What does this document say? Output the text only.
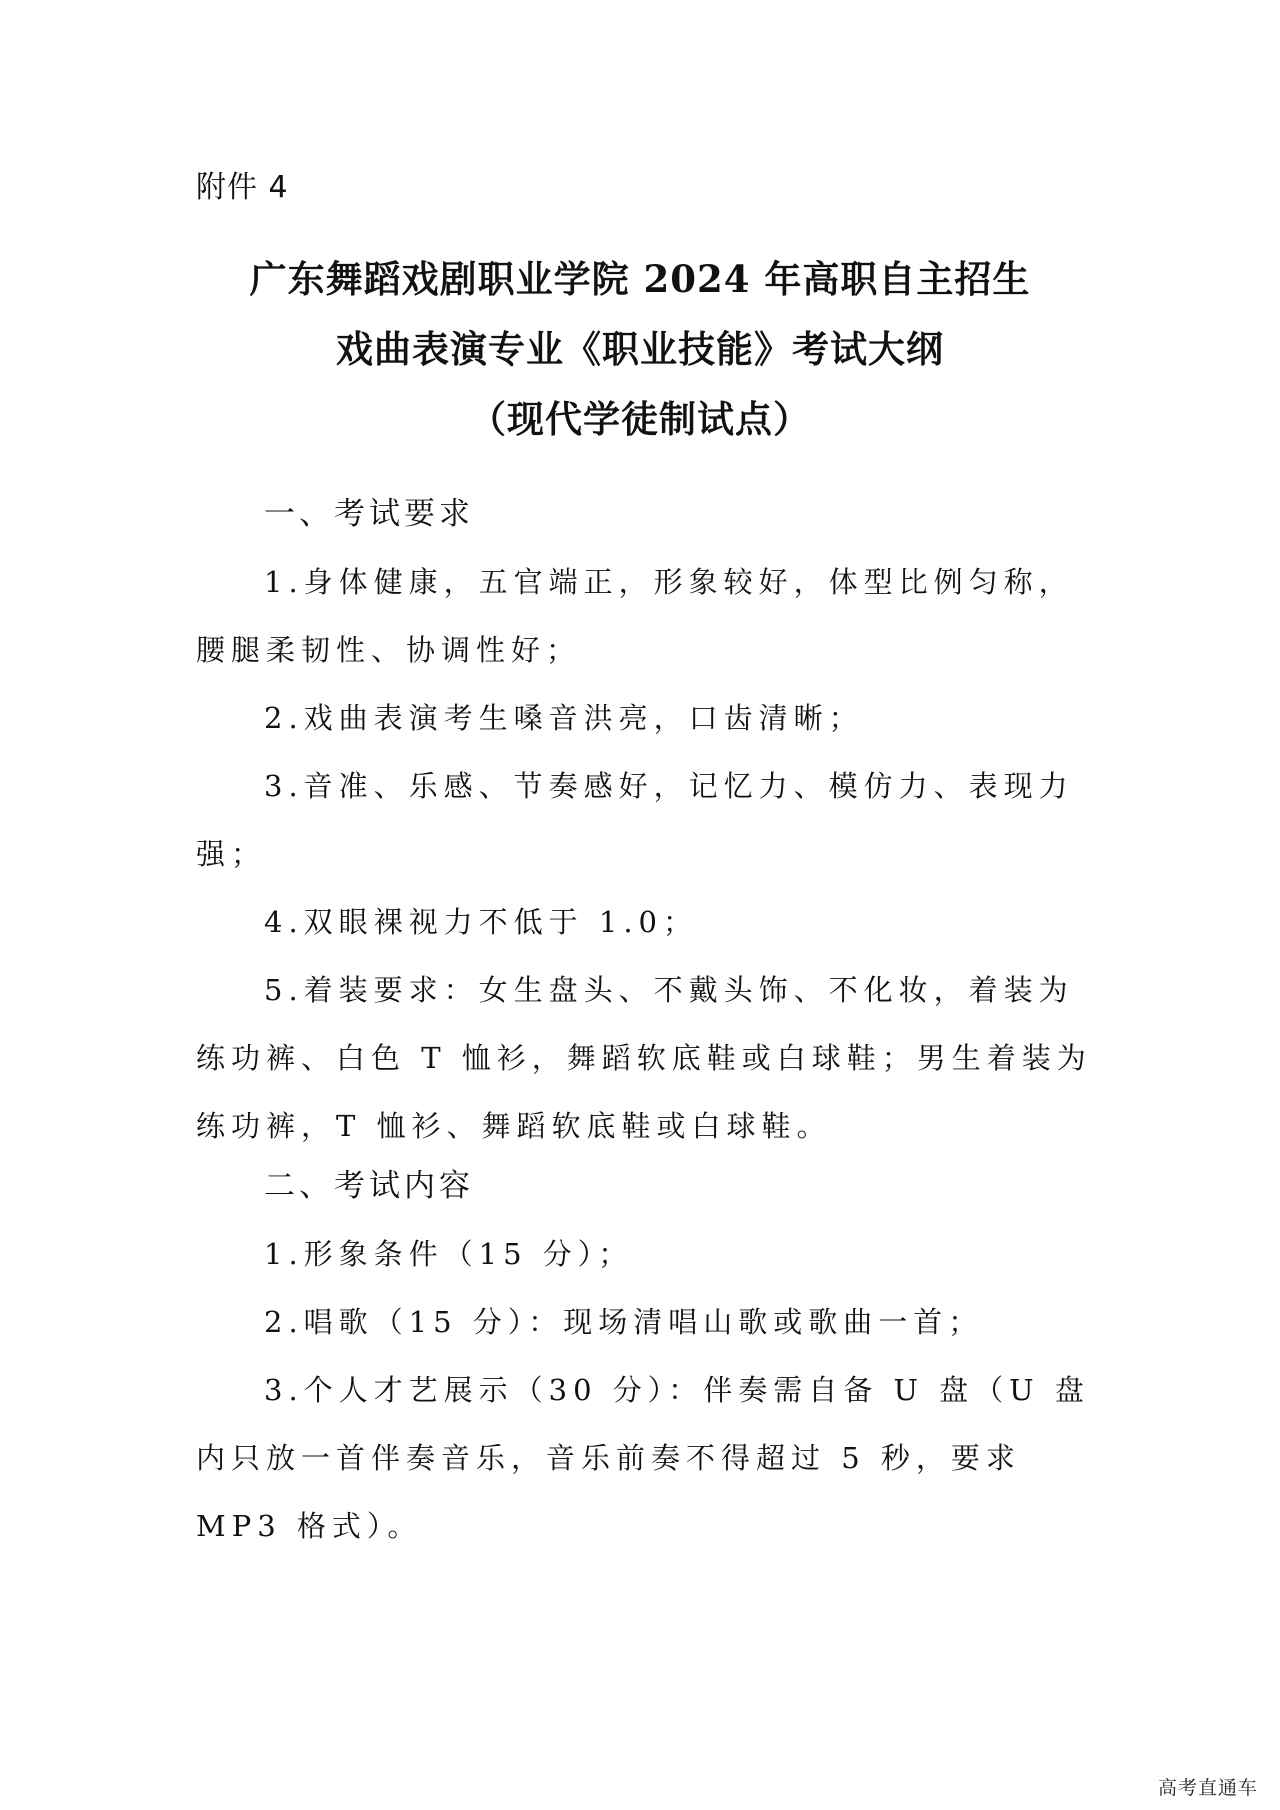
附件 4
广东舞蹈戏剧职业学院 2024 年高职自主招生
戏曲表演专业《职业技能》考试大纲
（现代学徒制试点）
一、考试要求

1.身体健康，五官端正，形象较好，体型比例匀称，腰腿柔韧性、协调性好；

2.戏曲表演考生嗓音洪亮，口齿清晰；

3.音准、乐感、节奏感好，记忆力、模仿力、表现力强；

4.双眼裸视力不低于 1.0；

5.着装要求：女生盘头、不戴头饰、不化妆，着装为练功裤、白色 T 恤衫，舞蹈软底鞋或白球鞋；男生着装为练功裤，T 恤衫、舞蹈软底鞋或白球鞋。

二、考试内容

1.形象条件（15 分）；

2.唱歌（15 分）：现场清唱山歌或歌曲一首；

3.个人才艺展示（30 分）：伴奏需自备 U 盘（U 盘内只放一首伴奏音乐，音乐前奏不得超过 5 秒，要求 MP3 格式）。

高考直通车
